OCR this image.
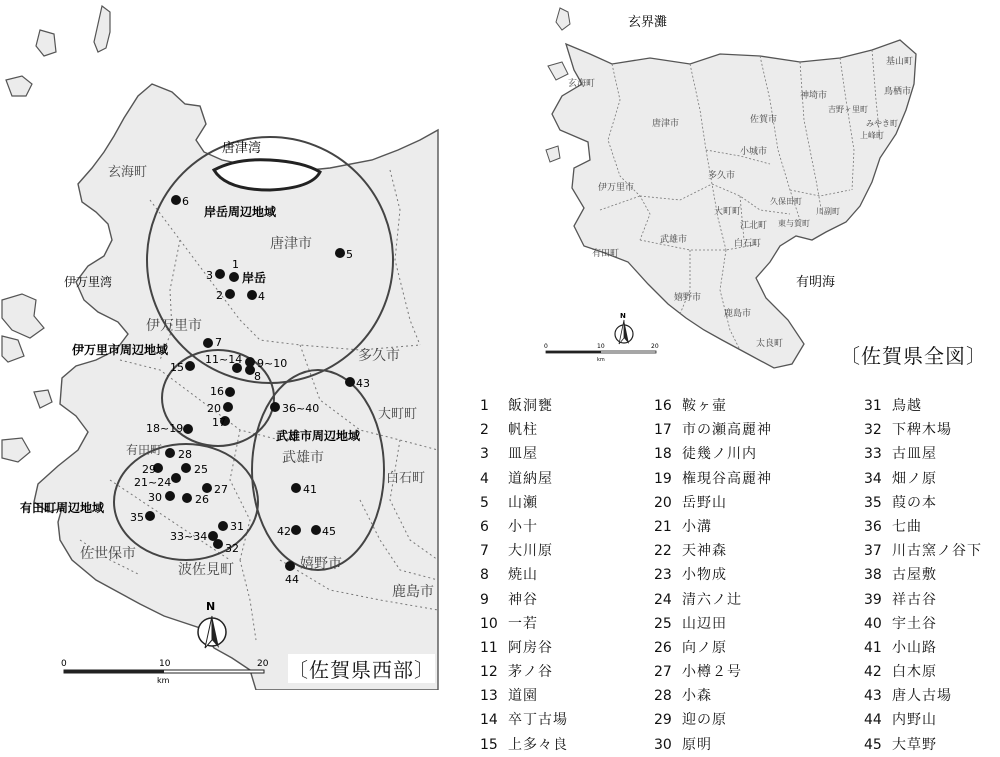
1
2
3
4
5
6
7
8
9~10
11~14
15
16
17
18~19
20
21~24
25
26
27
28
29
30
31
32
33~34
35
36~40
41
42
43
44
45
唐津湾
玄海町
伊万里湾
唐津市
伊万里市
武雄市
嬉野市
多久市
大町町
白石町
鹿島市
有田町
佐世保市
波佐見町
岸岳周辺地域
伊万里市周辺地域
武雄市周辺地域
有田町周辺地域
岸岳
N
0	10	20
km
玄界灘
有明海
玄海町
唐津市
伊万里市
有田町
武雄市
嬉野市
鹿島市
太良町
白石町
大町町
江北町
多久市
小城市
佐賀市
神埼市
吉野ヶ里町
みやき町
上峰町
鳥栖市
基山町
久保田町
川副町
東与賀町
N
0	10	20
km
〔佐賀県西部〕
〔佐賀県全図〕
1 飯洞甕
2 帆柱
3 皿屋
4 道納屋
5 山瀬
6 小十
7 大川原
8 焼山
9 神谷
10 一若
11 阿房谷
12 茅ノ谷
13 道園
14 卒丁古場
15 上多々良
16 鞍ヶ壷
17 市の瀬高麗神
18 徒幾ノ川内
19 権現谷高麗神
20 岳野山
21 小溝
22 天神森
23 小物成
24 清六ノ辻
25 山辺田
26 向ノ原
27 小樽２号
28 小森
29 迎の原
30 原明
31 鳥越
32 下稗木場
33 古皿屋
34 畑ノ原
35 葭の本
36 七曲
37 川古窯ノ谷下
38 古屋敷
39 祥古谷
40 宇土谷
41 小山路
42 白木原
43 唐人古場
44 内野山
45 大草野
